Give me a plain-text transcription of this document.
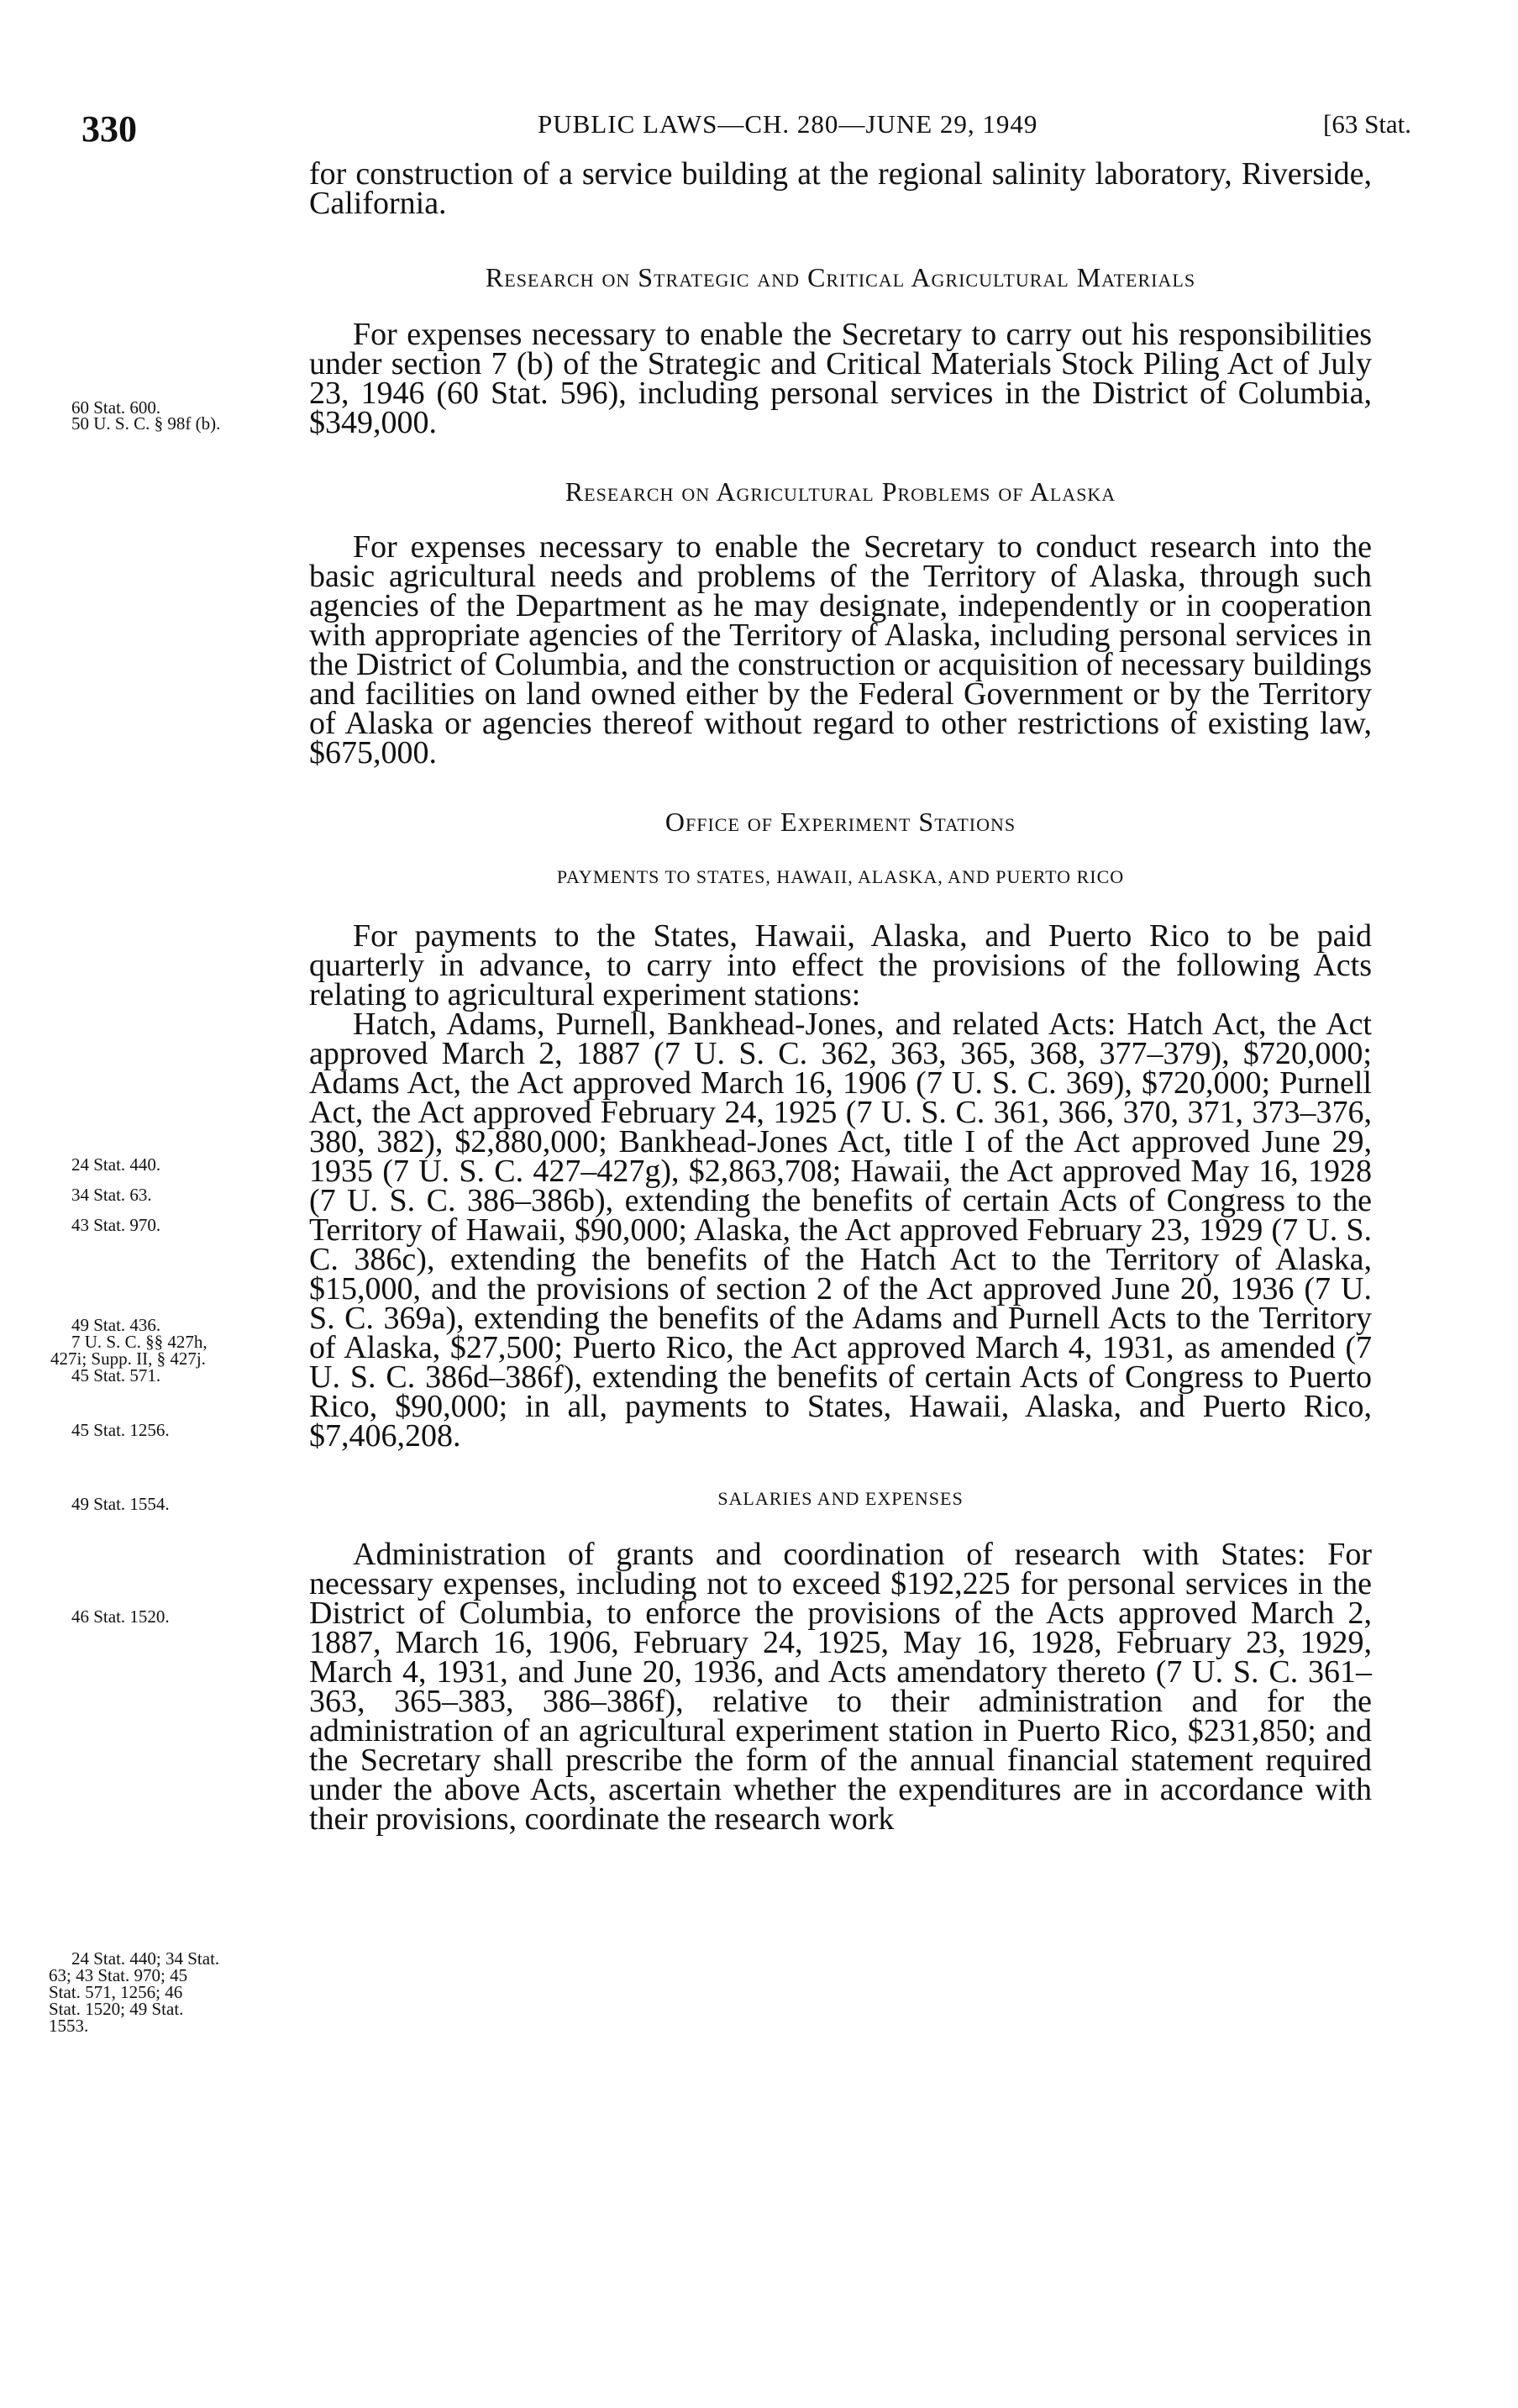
330	PUBLIC LAWS—CH. 280—JUNE 29, 1949	[63 Stat.

for construction of a service building at the regional salinity laboratory, Riverside, California.

Research on Strategic and Critical Agricultural Materials

For expenses necessary to enable the Secretary to carry out his responsibilities under section 7 (b) of the Strategic and Critical Materials Stock Piling Act of July 23, 1946 (60 Stat. 596), including personal services in the District of Columbia, $349,000.

Research on Agricultural Problems of Alaska

For expenses necessary to enable the Secretary to conduct research into the basic agricultural needs and problems of the Territory of Alaska, through such agencies of the Department as he may designate, independently or in cooperation with appropriate agencies of the Territory of Alaska, including personal services in the District of Columbia, and the construction or acquisition of necessary buildings and facilities on land owned either by the Federal Government or by the Territory of Alaska or agencies thereof without regard to other restrictions of existing law, $675,000.

Office of Experiment Stations

PAYMENTS TO STATES, HAWAII, ALASKA, AND PUERTO RICO

For payments to the States, Hawaii, Alaska, and Puerto Rico to be paid quarterly in advance, to carry into effect the provisions of the following Acts relating to agricultural experiment stations:

Hatch, Adams, Purnell, Bankhead-Jones, and related Acts: Hatch Act, the Act approved March 2, 1887 (7 U. S. C. 362, 363, 365, 368, 377–379), $720,000; Adams Act, the Act approved March 16, 1906 (7 U. S. C. 369), $720,000; Purnell Act, the Act approved February 24, 1925 (7 U. S. C. 361, 366, 370, 371, 373–376, 380, 382), $2,880,000; Bankhead-Jones Act, title I of the Act approved June 29, 1935 (7 U. S. C. 427–427g), $2,863,708; Hawaii, the Act approved May 16, 1928 (7 U. S. C. 386–386b), extending the benefits of certain Acts of Congress to the Territory of Hawaii, $90,000; Alaska, the Act approved February 23, 1929 (7 U. S. C. 386c), extending the benefits of the Hatch Act to the Territory of Alaska, $15,000, and the provisions of section 2 of the Act approved June 20, 1936 (7 U. S. C. 369a), extending the benefits of the Adams and Purnell Acts to the Territory of Alaska, $27,500; Puerto Rico, the Act approved March 4, 1931, as amended (7 U. S. C. 386d–386f), extending the benefits of certain Acts of Congress to Puerto Rico, $90,000; in all, payments to States, Hawaii, Alaska, and Puerto Rico, $7,406,208.

SALARIES AND EXPENSES

Administration of grants and coordination of research with States: For necessary expenses, including not to exceed $192,225 for personal services in the District of Columbia, to enforce the provisions of the Acts approved March 2, 1887, March 16, 1906, February 24, 1925, May 16, 1928, February 23, 1929, March 4, 1931, and June 20, 1936, and Acts amendatory thereto (7 U. S. C. 361–363, 365–383, 386–386f), relative to their administration and for the administration of an agricultural experiment station in Puerto Rico, $231,850; and the Secretary shall prescribe the form of the annual financial statement required under the above Acts, ascertain whether the expenditures are in accordance with their provisions, coordinate the research work

60 Stat. 600.

50 U. S. C. § 98f (b).

24 Stat. 440.

34 Stat. 63.

43 Stat. 970.

49 Stat. 436.

7 U. S. C. §§ 427h,

427i; Supp. II, § 427j.

45 Stat. 571.

45 Stat. 1256.

49 Stat. 1554.

46 Stat. 1520.

24 Stat. 440; 34 Stat.

63; 43 Stat. 970; 45

Stat. 571, 1256; 46

Stat. 1520; 49 Stat.

1553.
